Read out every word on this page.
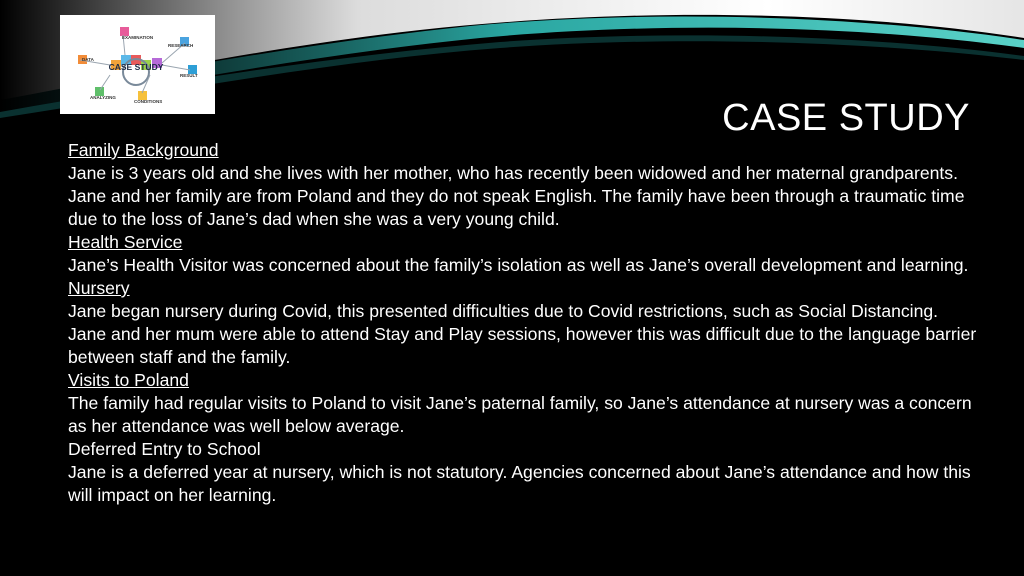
CASE STUDY
EXAMINATION
RESEARCH
DATA
RESULT
ANALYZING
CONDITIONS	CASE STUDY

Family Background

Jane is 3 years old and she lives with her mother, who has recently been widowed and her maternal grandparents. Jane and her family are from Poland and they do not speak English. The family have been through a traumatic time due to the loss of Jane’s dad when she was a very young child.

Health Service

Jane’s Health Visitor was concerned about the family’s isolation as well as Jane’s overall development and learning.

Nursery

Jane began nursery during Covid, this presented difficulties due to Covid restrictions, such as Social Distancing. Jane and her mum were able to attend Stay and Play sessions, however this was difficult due to the language barrier between staff and the family.

Visits to Poland

The family had regular visits to Poland to visit Jane’s paternal family, so Jane’s attendance at nursery was a concern as her attendance was well below average.

Deferred Entry to School

Jane is a deferred year at nursery, which is not statutory. Agencies concerned about Jane’s attendance and how this will impact on her learning.
